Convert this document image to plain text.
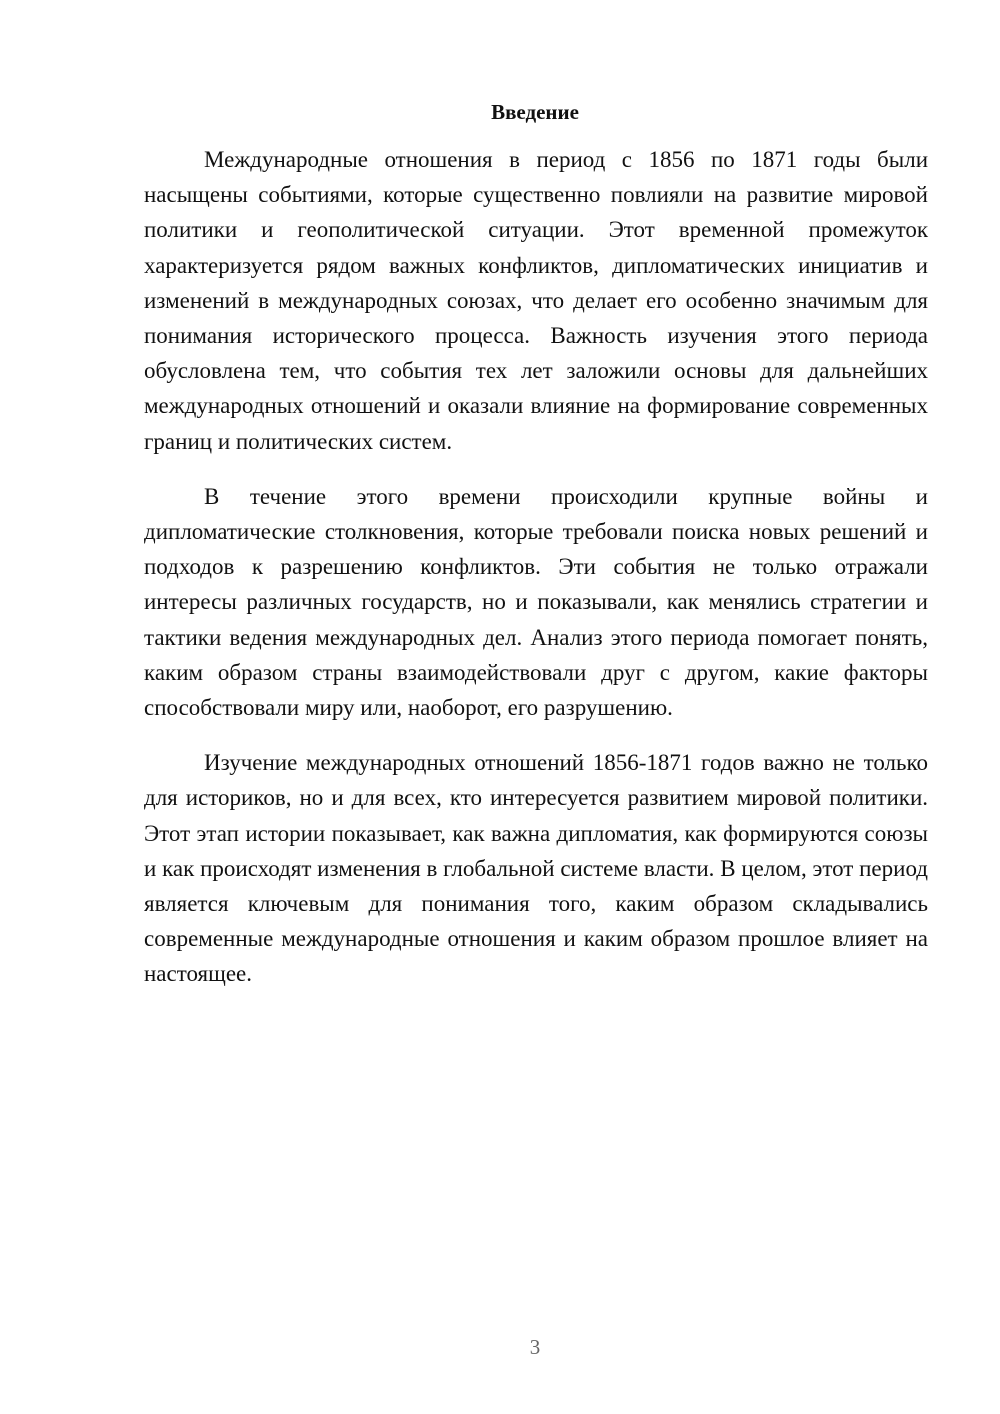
Введение

Международные отношения в период с 1856 по 1871 годы были насыщены событиями, которые существенно повлияли на развитие мировой политики и геополитической ситуации. Этот временной промежуток характеризуется рядом важных конфликтов, дипломатических инициатив и изменений в международных союзах, что делает его особенно значимым для понимания исторического процесса. Важность изучения этого периода обусловлена тем, что события тех лет заложили основы для дальнейших международных отношений и оказали влияние на формирование современных границ и политических систем.

В течение этого времени происходили крупные войны и дипломатические столкновения, которые требовали поиска новых решений и подходов к разрешению конфликтов. Эти события не только отражали интересы различных государств, но и показывали, как менялись стратегии и тактики ведения международных дел. Анализ этого периода помогает понять, каким образом страны взаимодействовали друг с другом, какие факторы способствовали миру или, наоборот, его разрушению.

Изучение международных отношений 1856-1871 годов важно не только для историков, но и для всех, кто интересуется развитием мировой политики. Этот этап истории показывает, как важна дипломатия, как формируются союзы и как происходят изменения в глобальной системе власти. В целом, этот период является ключевым для понимания того, каким образом складывались современные международные отношения и каким образом прошлое влияет на настоящее.

3
